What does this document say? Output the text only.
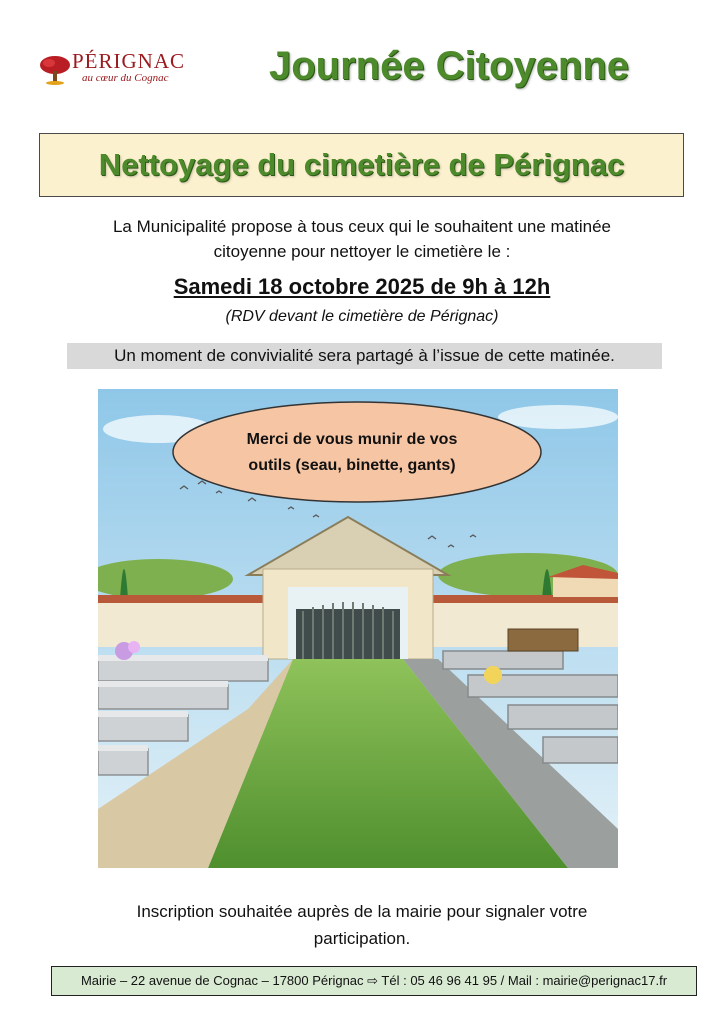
PÉRIGNAC
au cœur du Cognac	Journée Citoyenne
Nettoyage du cimetière de Pérignac
La Municipalité propose à tous ceux qui le souhaitent une matinée
citoyenne pour nettoyer le cimetière le :
Samedi 18 octobre 2025 de 9h à 12h
(RDV devant le cimetière de Pérignac)
Un moment de convivialité sera partagé à l’issue de cette matinée.
Merci de vous munir de vos
outils (seau, binette, gants)
Inscription souhaitée auprès de la mairie pour signaler votre
participation.
Mairie – 22 avenue de Cognac – 17800 Pérignac ⇨ Tél : 05 46 96 41 95 / Mail : mairie@perignac17.fr
